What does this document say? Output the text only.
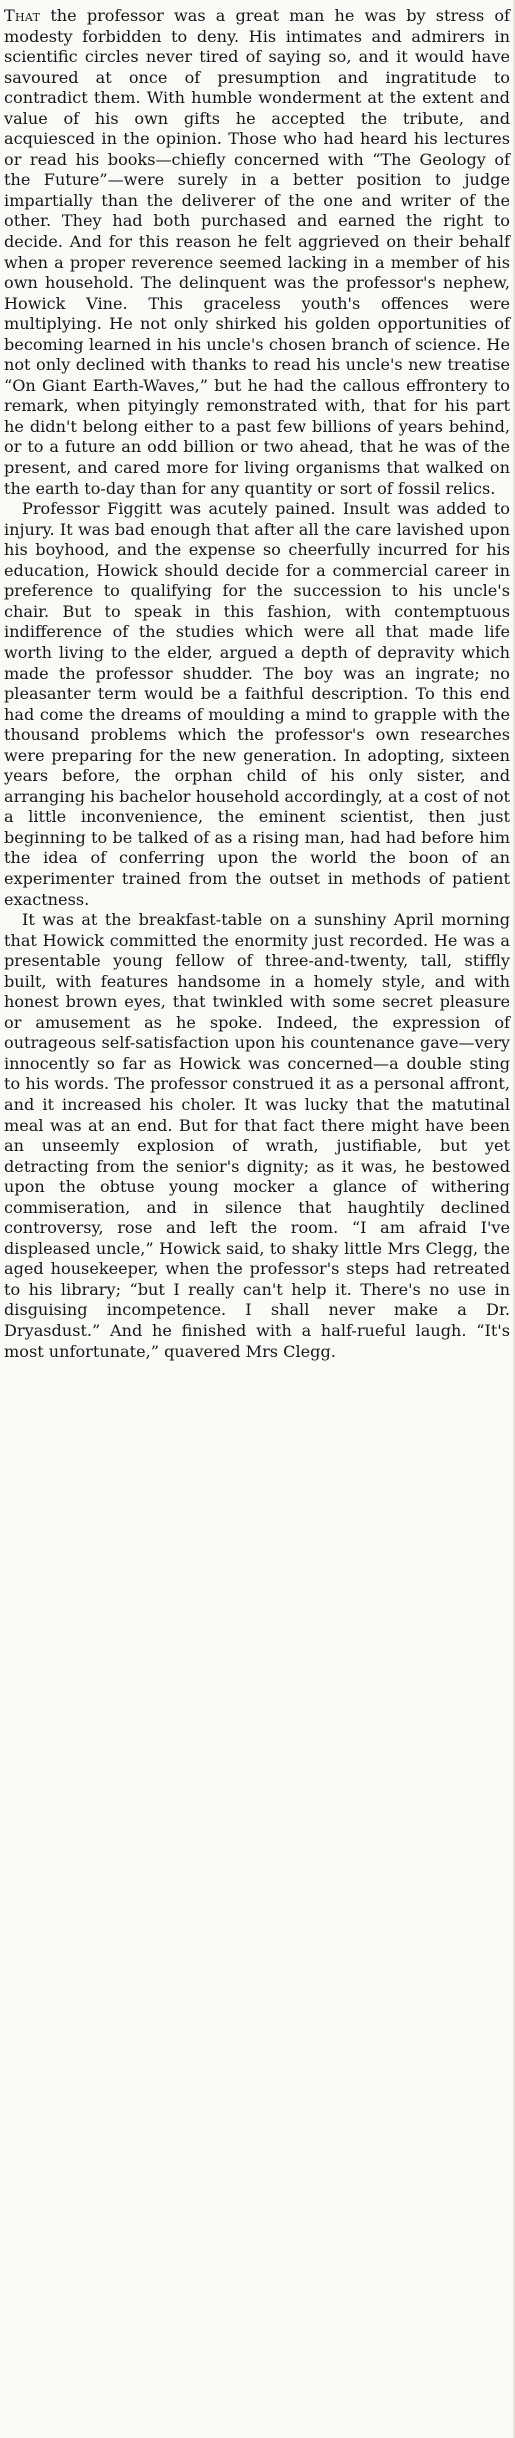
That the professor was a great man he was by stress of modesty forbidden to deny. His intimates and admirers in scientific circles never tired of saying so, and it would have savoured at once of presumption and ingratitude to contradict them. With humble wonderment at the extent and value of his own gifts he accepted the tribute, and acquiesced in the opinion. Those who had heard his lectures or read his books—chiefly concerned with “The Geology of the Future”—were surely in a better position to judge impartially than the deliverer of the one and writer of the other. They had both purchased and earned the right to decide. And for this reason he felt aggrieved on their behalf when a proper reverence seemed lacking in a member of his own household. The delinquent was the professor's nephew, Howick Vine. This graceless youth's offences were multiplying. He not only shirked his golden opportunities of becoming learned in his uncle's chosen branch of science. He not only declined with thanks to read his uncle's new treatise “On Giant Earth-Waves,” but he had the callous effrontery to remark, when pityingly remonstrated with, that for his part he didn't belong either to a past few billions of years behind, or to a future an odd billion or two ahead, that he was of the present, and cared more for living organisms that walked on the earth to-day than for any quantity or sort of fossil relics.

Professor Figgitt was acutely pained. Insult was added to injury. It was bad enough that after all the care lavished upon his boyhood, and the expense so cheerfully incurred for his education, Howick should decide for a commercial career in preference to qualifying for the succession to his uncle's chair. But to speak in this fashion, with contemptuous indifference of the studies which were all that made life worth living to the elder, argued a depth of depravity which made the professor shudder. The boy was an ingrate; no pleasanter term would be a faithful description. To this end had come the dreams of moulding a mind to grapple with the thousand problems which the professor's own researches were preparing for the new generation. In adopting, sixteen years before, the orphan child of his only sister, and arranging his bachelor household accordingly, at a cost of not a little inconvenience, the eminent scientist, then just beginning to be talked of as a rising man, had had before him the idea of conferring upon the world the boon of an experimenter trained from the outset in methods of patient exactness.

It was at the breakfast-table on a sunshiny April morning that Howick committed the enormity just recorded. He was a presentable young fellow of three-and-twenty, tall, stiffly built, with features handsome in a homely style, and with honest brown eyes, that twinkled with some secret pleasure or amusement as he spoke. Indeed, the expression of outrageous self-satisfaction upon his countenance gave—very innocently so far as Howick was concerned—a double sting to his words. The professor construed it as a personal affront, and it increased his choler. It was lucky that the matutinal meal was at an end. But for that fact there might have been an unseemly explosion of wrath, justifiable, but yet detracting from the senior's dignity; as it was, he bestowed upon the obtuse young mocker a glance of withering commiseration, and in silence that haughtily declined controversy, rose and left the room. “I am afraid I've displeased uncle,” Howick said, to shaky little Mrs Clegg, the aged housekeeper, when the professor's steps had retreated to his library; “but I really can't help it. There's no use in disguising incompetence. I shall never make a Dr. Dryasdust.” And he finished with a half-rueful laugh. “It's most unfortunate,” quavered Mrs Clegg.
